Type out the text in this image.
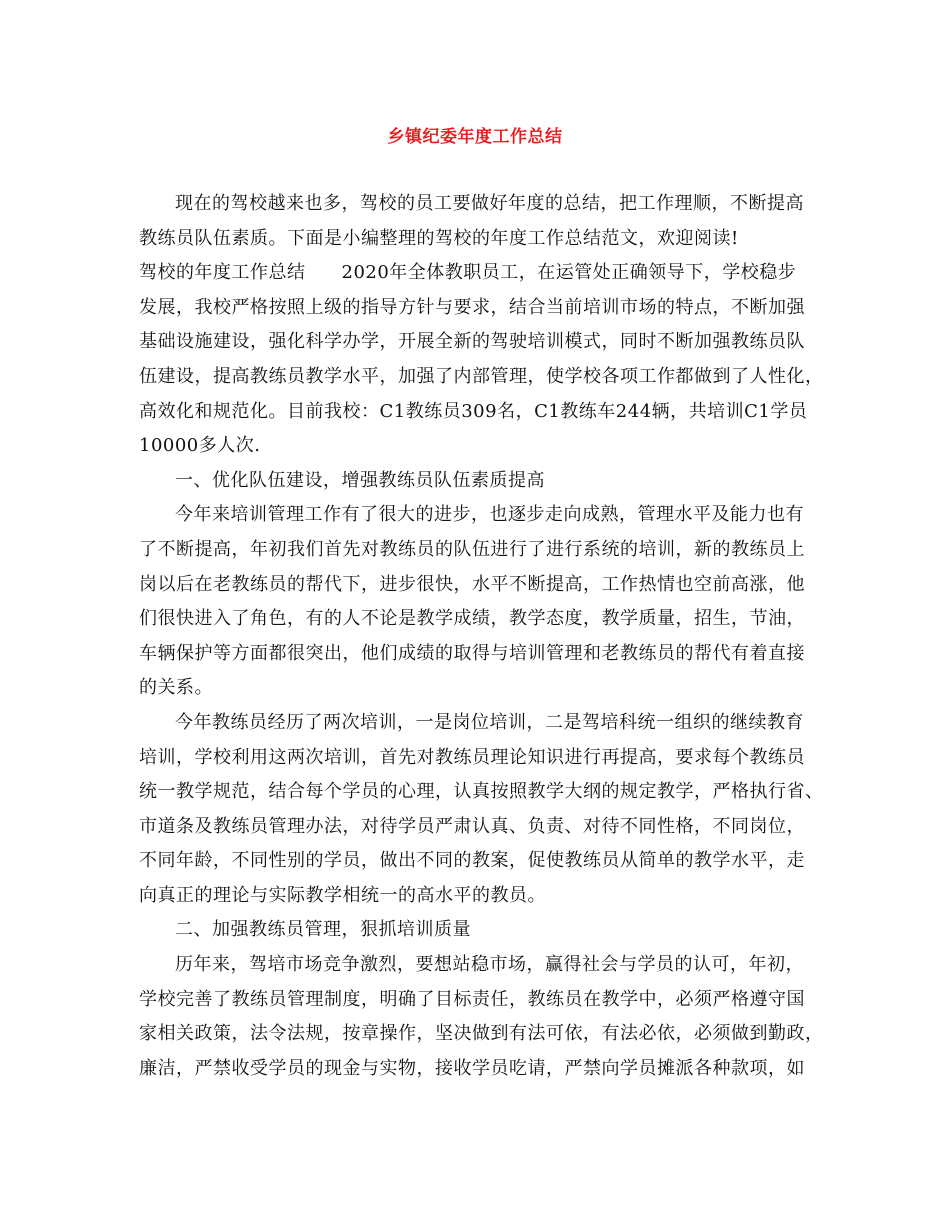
乡镇纪委年度工作总结
现在的驾校越来也多，驾校的员工要做好年度的总结，把工作理顺，不断提高
教练员队伍素质。下面是小编整理的驾校的年度工作总结范文，欢迎阅读!
驾校的年度工作总结 2020年全体教职员工，在运管处正确领导下，学校稳步
发展，我校严格按照上级的指导方针与要求，结合当前培训市场的特点，不断加强
基础设施建设，强化科学办学，开展全新的驾驶培训模式，同时不断加强教练员队
伍建设，提高教练员教学水平，加强了内部管理，使学校各项工作都做到了人性化，
高效化和规范化。目前我校：C1教练员309名，C1教练车244辆，共培训C1学员
10000多人次.
一、优化队伍建设，增强教练员队伍素质提高
今年来培训管理工作有了很大的进步，也逐步走向成熟，管理水平及能力也有
了不断提高，年初我们首先对教练员的队伍进行了进行系统的培训，新的教练员上
岗以后在老教练员的帮代下，进步很快，水平不断提高，工作热情也空前高涨，他
们很快进入了角色，有的人不论是教学成绩，教学态度，教学质量，招生，节油，
车辆保护等方面都很突出，他们成绩的取得与培训管理和老教练员的帮代有着直接
的关系。
今年教练员经历了两次培训，一是岗位培训，二是驾培科统一组织的继续教育
培训，学校利用这两次培训，首先对教练员理论知识进行再提高，要求每个教练员
统一教学规范，结合每个学员的心理，认真按照教学大纲的规定教学，严格执行省、
市道条及教练员管理办法，对待学员严肃认真、负责、对待不同性格，不同岗位，
不同年龄，不同性别的学员，做出不同的教案，促使教练员从简单的教学水平，走
向真正的理论与实际教学相统一的高水平的教员。
二、加强教练员管理，狠抓培训质量
历年来，驾培市场竞争激烈，要想站稳市场，赢得社会与学员的认可，年初，
学校完善了教练员管理制度，明确了目标责任，教练员在教学中，必须严格遵守国
家相关政策，法令法规，按章操作，坚决做到有法可依，有法必依，必须做到勤政，
廉洁，严禁收受学员的现金与实物，接收学员吃请，严禁向学员摊派各种款项，如
